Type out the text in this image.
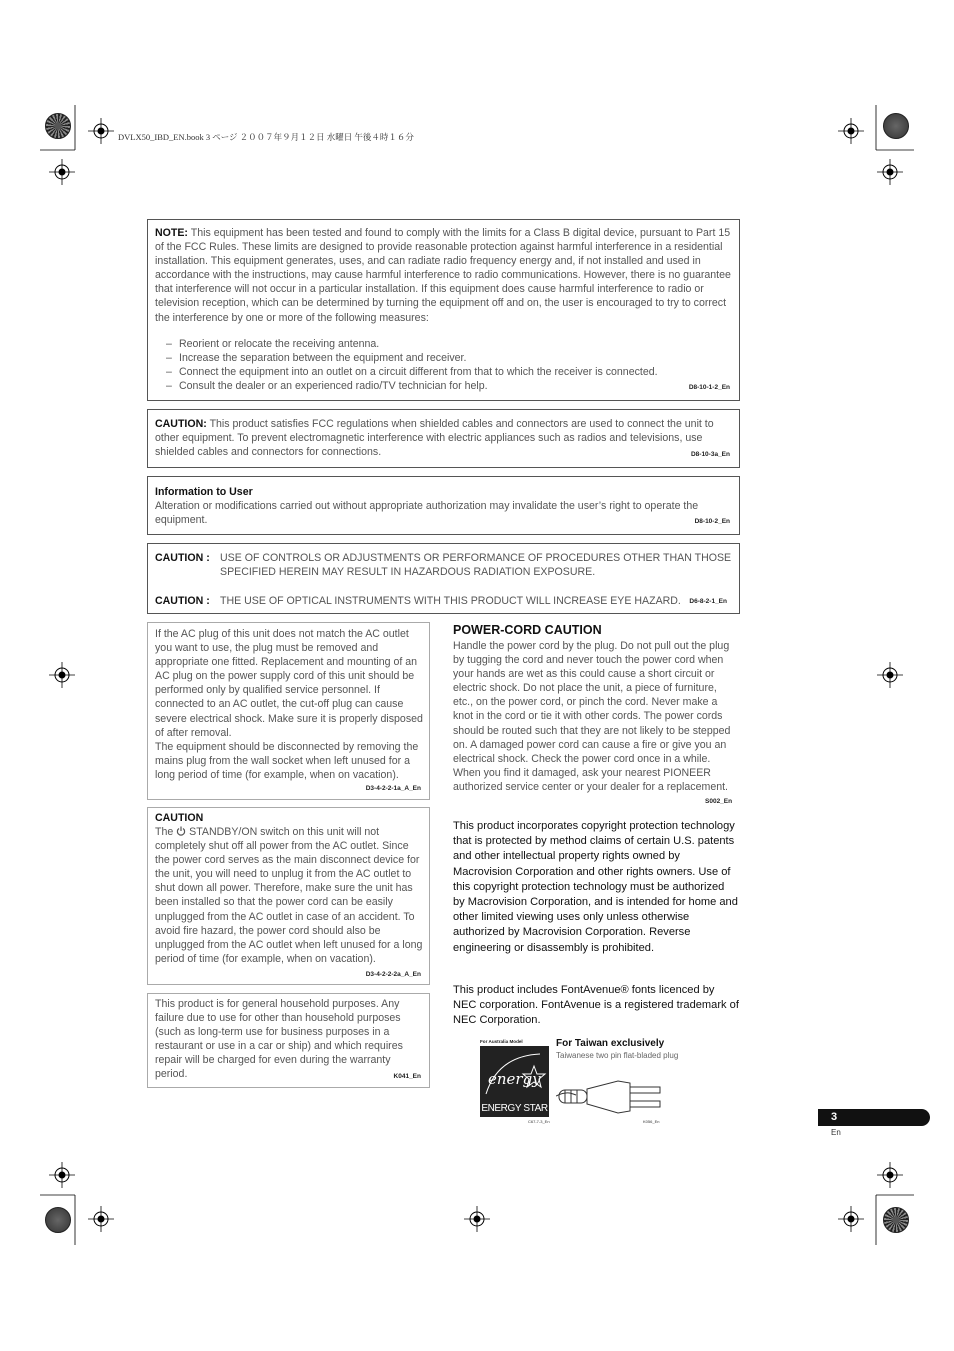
DVLX50_IBD_EN.book 3 ページ ２００７年９月１２日 水曜日 午後４時１６分
NOTE: This equipment has been tested and found to comply with the limits for a Class B digital device, pursuant to Part 15 of the FCC Rules. These limits are designed to provide reasonable protection against harmful interference in a residential installation. This equipment generates, uses, and can radiate radio frequency energy and, if not installed and used in accordance with the instructions, may cause harmful interference to radio communications. However, there is no guarantee that interference will not occur in a particular installation. If this equipment does cause harmful interference to radio or television reception, which can be determined by turning the equipment off and on, the user is encouraged to try to correct the interference by one or more of the following measures:
– Reorient or relocate the receiving antenna.
– Increase the separation between the equipment and receiver.
– Connect the equipment into an outlet on a circuit different from that to which the receiver is connected.
– Consult the dealer or an experienced radio/TV technician for help.	D8-10-1-2_En
CAUTION: This product satisfies FCC regulations when shielded cables and connectors are used to connect the unit to other equipment. To prevent electromagnetic interference with electric appliances such as radios and televisions, use shielded cables and connectors for connections.	D8-10-3a_En
Information to User
Alteration or modifications carried out without appropriate authorization may invalidate the user’s right to operate the equipment.	D8-10-2_En
CAUTION : USE OF CONTROLS OR ADJUSTMENTS OR PERFORMANCE OF PROCEDURES OTHER THAN THOSE SPECIFIED HEREIN MAY RESULT IN HAZARDOUS RADIATION EXPOSURE.
CAUTION : THE USE OF OPTICAL INSTRUMENTS WITH THIS PRODUCT WILL INCREASE EYE HAZARD.	D6-8-2-1_En
If the AC plug of this unit does not match the AC outlet you want to use, the plug must be removed and appropriate one fitted. Replacement and mounting of an AC plug on the power supply cord of this unit should be performed only by qualified service personnel. If connected to an AC outlet, the cut-off plug can cause severe electrical shock. Make sure it is properly disposed of after removal.
The equipment should be disconnected by removing the mains plug from the wall socket when left unused for a long period of time (for example, when on vacation).
D3-4-2-2-1a_A_En
CAUTION
The  STANDBY/ON switch on this unit will not completely shut off all power from the AC outlet. Since the power cord serves as the main disconnect device for the unit, you will need to unplug it from the AC outlet to shut down all power. Therefore, make sure the unit has been installed so that the power cord can be easily unplugged from the AC outlet in case of an accident. To avoid fire hazard, the power cord should also be unplugged from the AC outlet when left unused for a long period of time (for example, when on vacation).
D3-4-2-2-2a_A_En
This product is for general household purposes. Any failure due to use for other than household purposes (such as long-term use for business purposes in a restaurant or use in a car or ship) and which requires repair will be charged for even during the warranty period.	K041_En
POWER-CORD CAUTION
Handle the power cord by the plug. Do not pull out the plug by tugging the cord and never touch the power cord when your hands are wet as this could cause a short circuit or electric shock. Do not place the unit, a piece of furniture, etc., on the power cord, or pinch the cord. Never make a knot in the cord or tie it with other cords. The power cords should be routed such that they are not likely to be stepped on. A damaged power cord can cause a fire or give you an electrical shock. Check the power cord once in a while. When you find it damaged, ask your nearest PIONEER authorized service center or your dealer for a replacement.
S002_En
This product incorporates copyright protection technology that is protected by method claims of certain U.S. patents and other intellectual property rights owned by Macrovision Corporation and other rights owners. Use of this copyright protection technology must be authorized by Macrovision Corporation, and is intended for home and other limited viewing uses only unless otherwise authorized by Macrovision Corporation. Reverse engineering or disassembly is prohibited.
This product includes FontAvenue® fonts licenced by NEC corporation. FontAvenue is a registered trademark of NEC Corporation.
For Australia Model
energy
ENERGY STAR
C67-7-3_En
For Taiwan exclusively
Taiwanese two pin flat-bladed plug
K056_En	3
En
